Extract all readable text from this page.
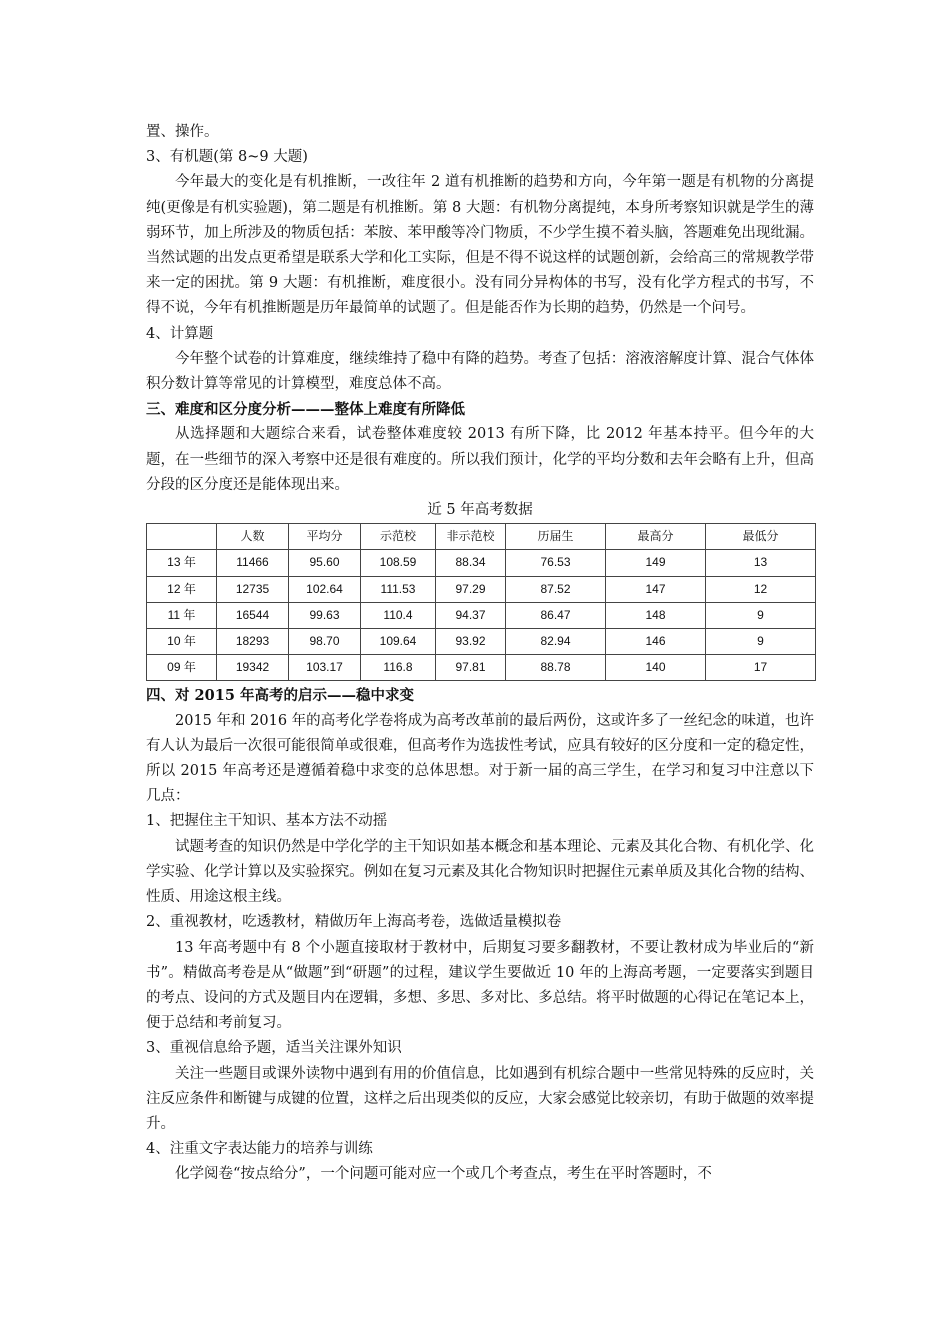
置、操作。

3、有机题(第 8~9 大题)

今年最大的变化是有机推断，一改往年 2 道有机推断的趋势和方向，今年第一题是有机物的分离提纯(更像是有机实验题)，第二题是有机推断。第 8 大题：有机物分离提纯，本身所考察知识就是学生的薄弱环节，加上所涉及的物质包括：苯胺、苯甲酸等冷门物质，不少学生摸不着头脑，答题难免出现纰漏。当然试题的出发点更希望是联系大学和化工实际，但是不得不说这样的试题创新，会给高三的常规教学带来一定的困扰。第 9 大题：有机推断，难度很小。没有同分异构体的书写，没有化学方程式的书写，不得不说，今年有机推断题是历年最简单的试题了。但是能否作为长期的趋势，仍然是一个问号。

4、计算题

今年整个试卷的计算难度，继续维持了稳中有降的趋势。考查了包括：溶液溶解度计算、混合气体体积分数计算等常见的计算模型，难度总体不高。

三、难度和区分度分析———整体上难度有所降低

从选择题和大题综合来看，试卷整体难度较 2013 有所下降，比 2012 年基本持平。但今年的大题，在一些细节的深入考察中还是很有难度的。所以我们预计，化学的平均分数和去年会略有上升，但高分段的区分度还是能体现出来。

近 5 年高考数据

	人数	平均分	示范校	非示范校	历届生	最高分	最低分
13 年	11466	95.60	108.59	88.34	76.53	149	13
12 年	12735	102.64	111.53	97.29	87.52	147	12
11 年	16544	99.63	110.4	94.37	86.47	148	9
10 年	18293	98.70	109.64	93.92	82.94	146	9
09 年	19342	103.17	116.8	97.81	88.78	140	17

四、对 2015 年高考的启示——稳中求变

2015 年和 2016 年的高考化学卷将成为高考改革前的最后两份，这或许多了一丝纪念的味道，也许有人认为最后一次很可能很简单或很难，但高考作为选拔性考试，应具有较好的区分度和一定的稳定性，所以 2015 年高考还是遵循着稳中求变的总体思想。对于新一届的高三学生，在学习和复习中注意以下几点：

1、把握住主干知识、基本方法不动摇

试题考查的知识仍然是中学化学的主干知识如基本概念和基本理论、元素及其化合物、有机化学、化学实验、化学计算以及实验探究。例如在复习元素及其化合物知识时把握住元素单质及其化合物的结构、性质、用途这根主线。

2、重视教材，吃透教材，精做历年上海高考卷，选做适量模拟卷

13 年高考题中有 8 个小题直接取材于教材中，后期复习要多翻教材，不要让教材成为毕业后的“新书”。精做高考卷是从“做题”到“研题”的过程，建议学生要做近 10 年的上海高考题，一定要落实到题目的考点、设问的方式及题目内在逻辑，多想、多思、多对比、多总结。将平时做题的心得记在笔记本上，便于总结和考前复习。

3、重视信息给予题，适当关注课外知识

关注一些题目或课外读物中遇到有用的价值信息，比如遇到有机综合题中一些常见特殊的反应时，关注反应条件和断键与成键的位置，这样之后出现类似的反应，大家会感觉比较亲切，有助于做题的效率提升。

4、注重文字表达能力的培养与训练

化学阅卷“按点给分”，一个问题可能对应一个或几个考查点，考生在平时答题时，不
